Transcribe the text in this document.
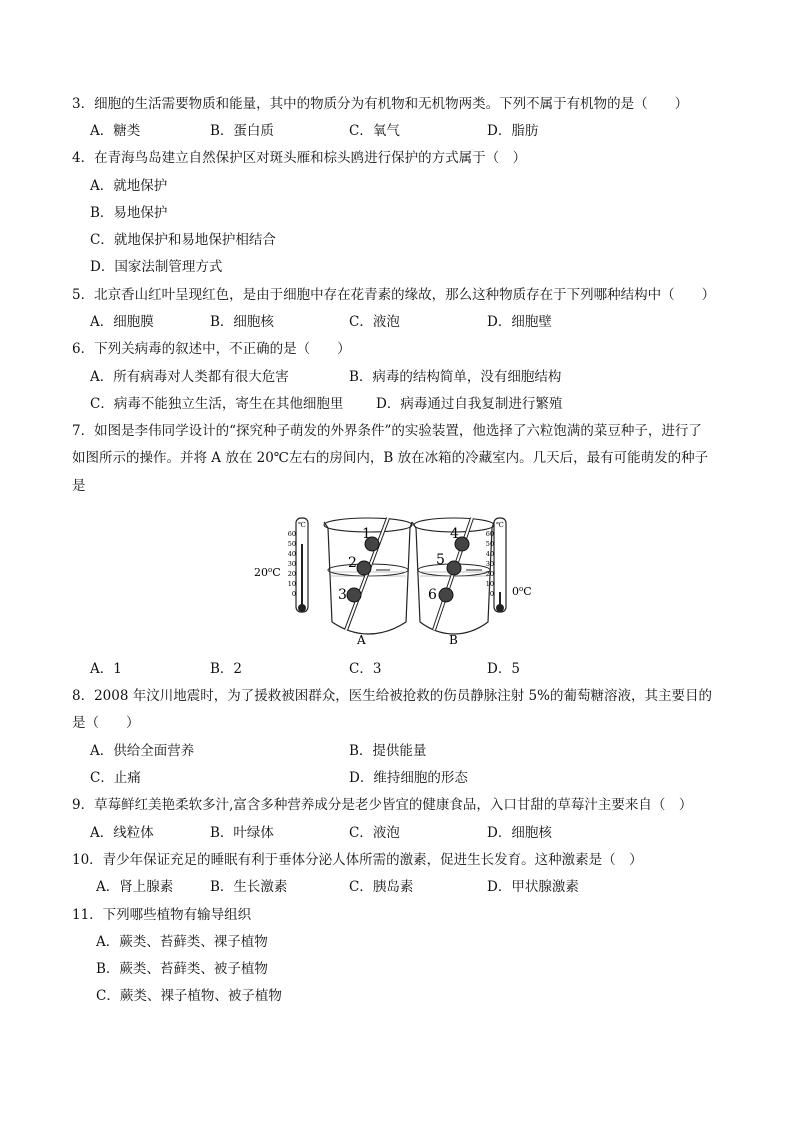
3．细胞的生活需要物质和能量，其中的物质分为有机物和无机物两类。下列不属于有机物的是（　　）
A．糖类	B．蛋白质	C．氧气	D．脂肪
4．在青海鸟岛建立自然保护区对斑头雁和棕头鸥进行保护的方式属于（　）
A．就地保护
B．易地保护
C．就地保护和易地保护相结合
D．国家法制管理方式
5．北京香山红叶呈现红色，是由于细胞中存在花青素的缘故，那么这种物质存在于下列哪种结构中（　　）
A．细胞膜	B．细胞核	C．液泡	D．细胞壁
6．下列关病毒的叙述中，不正确的是（　　）
A．所有病毒对人类都有很大危害	B．病毒的结构简单，没有细胞结构
C．病毒不能独立生活，寄生在其他细胞里 D．病毒通过自我复制进行繁殖
7．如图是李伟同学设计的“探究种子萌发的外界条件”的实验装置，他选择了六粒饱满的菜豆种子，进行了
如图所示的操作。并将 A 放在 20℃左右的房间内，B 放在冰箱的冷藏室内。几天后，最有可能萌发的种子
是
℃
60
50
40
30
20
10
0
20$^o$C
1
2
3
A
4
5
6
B
℃
60
50
40
30
20
10
0 0$^o$C
A．1	B．2	C．3	D．5
8．2008 年汶川地震时，为了援救被困群众，医生给被抢救的伤员静脉注射 5%的葡萄糖溶液，其主要目的
是（　　）
A．供给全面营养	B．提供能量
C．止痛	D．维持细胞的形态
9．草莓鲜红美艳柔软多汁,富含多种营养成分是老少皆宜的健康食品，入口甘甜的草莓汁主要来自（　）
A．线粒体	B．叶绿体	C．液泡	D．细胞核
10．青少年保证充足的睡眠有利于垂体分泌人体所需的激素，促进生长发育。这种激素是（　）
A．肾上腺素	B．生长激素	C．胰岛素	D．甲状腺激素
11．下列哪些植物有输导组织
A．蕨类、苔藓类、裸子植物
B．蕨类、苔藓类、被子植物
C．蕨类、裸子植物、被子植物
